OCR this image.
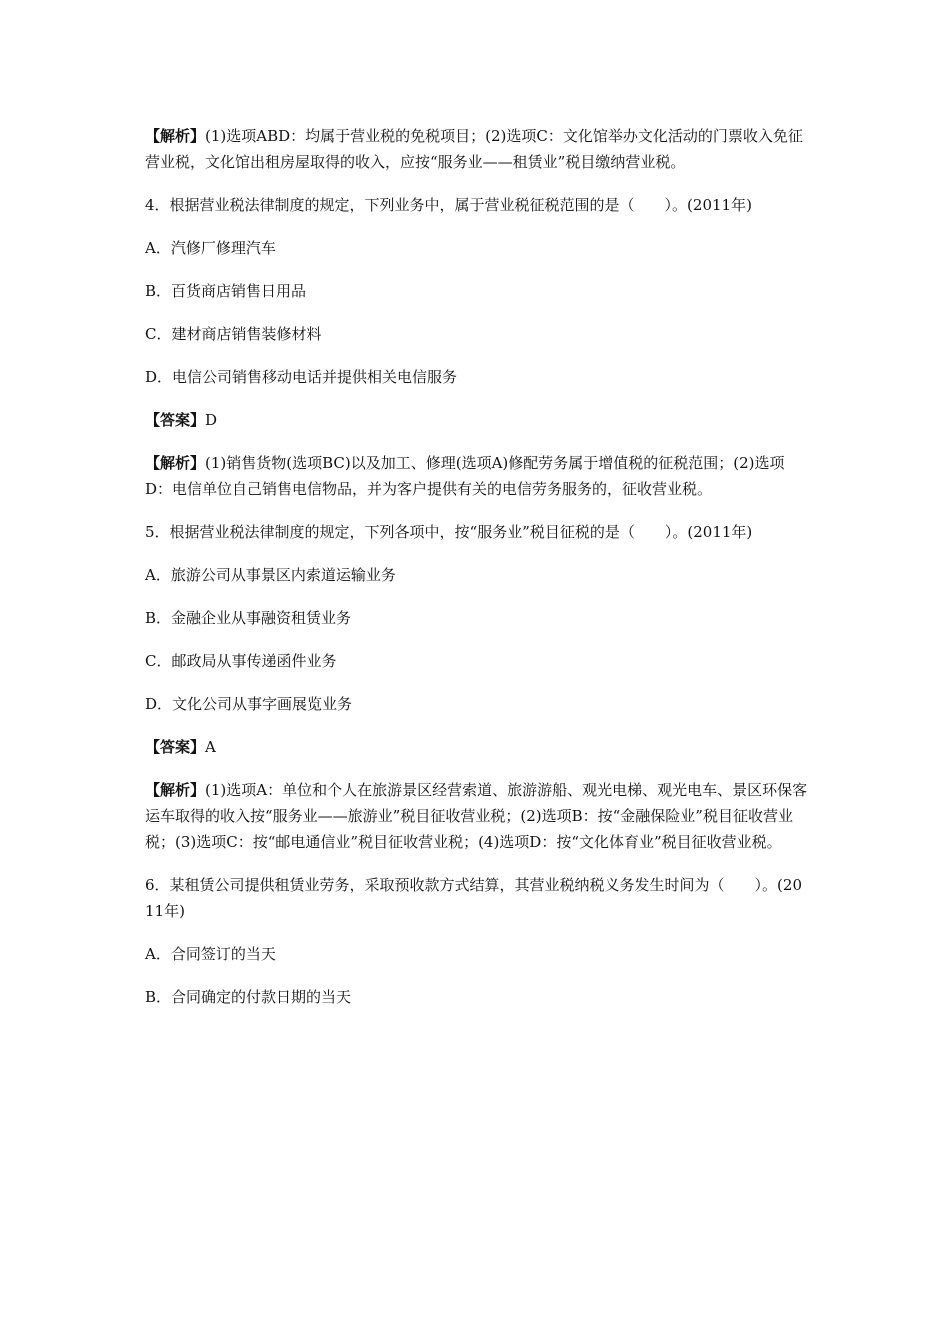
【解析】(1)选项ABD：均属于营业税的免税项目；(2)选项C：文化馆举办文化活动的门票收入免征营业税，文化馆出租房屋取得的收入，应按“服务业——租赁业”税目缴纳营业税。

4．根据营业税法律制度的规定，下列业务中，属于营业税征税范围的是（　　）。(2011年)

A．汽修厂修理汽车

B．百货商店销售日用品

C．建材商店销售装修材料

D．电信公司销售移动电话并提供相关电信服务

【答案】D

【解析】(1)销售货物(选项BC)以及加工、修理(选项A)修配劳务属于增值税的征税范围；(2)选项D：电信单位自己销售电信物品，并为客户提供有关的电信劳务服务的，征收营业税。

5．根据营业税法律制度的规定，下列各项中，按“服务业”税目征税的是（　　）。(2011年)

A．旅游公司从事景区内索道运输业务

B．金融企业从事融资租赁业务

C．邮政局从事传递函件业务

D．文化公司从事字画展览业务

【答案】A

【解析】(1)选项A：单位和个人在旅游景区经营索道、旅游游船、观光电梯、观光电车、景区环保客运车取得的收入按“服务业——旅游业”税目征收营业税；(2)选项B：按“金融保险业”税目征收营业税；(3)选项C：按“邮电通信业”税目征收营业税；(4)选项D：按“文化体育业”税目征收营业税。

6．某租赁公司提供租赁业劳务，采取预收款方式结算，其营业税纳税义务发生时间为（　　）。(2011年)

A．合同签订的当天

B．合同确定的付款日期的当天
